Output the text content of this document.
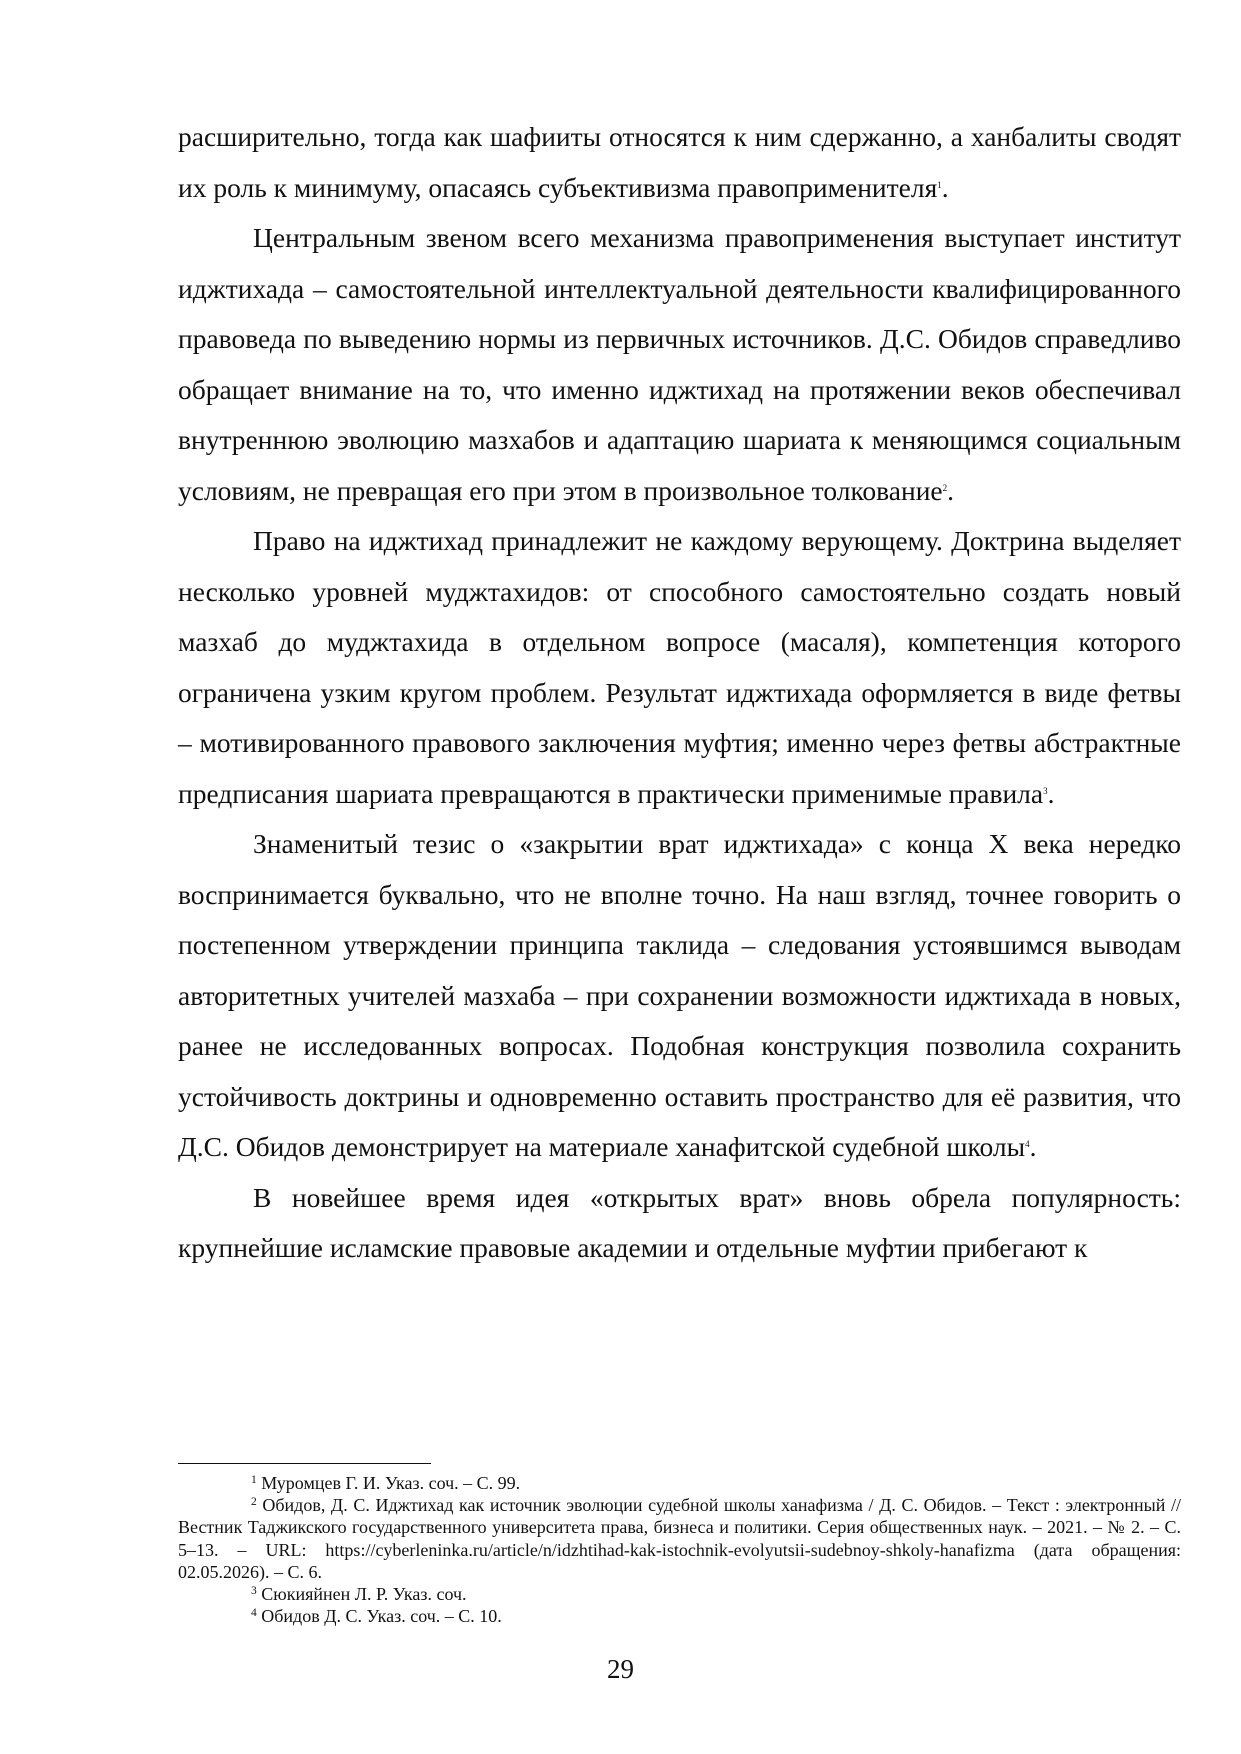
расширительно, тогда как шафииты относятся к ним сдержанно, а ханбалиты сводят их роль к минимуму, опасаясь субъективизма правоприменителя$^1$.

Центральным звеном всего механизма правоприменения выступает институт иджтихада – самостоятельной интеллектуальной деятельности квалифицированного правоведа по выведению нормы из первичных источников. Д.С. Обидов справедливо обращает внимание на то, что именно иджтихад на протяжении веков обеспечивал внутреннюю эволюцию мазхабов и адаптацию шариата к меняющимся социальным условиям, не превращая его при этом в произвольное толкование$^2$.

Право на иджтихад принадлежит не каждому верующему. Доктрина выделяет несколько уровней муджтахидов: от способного самостоятельно создать новый мазхаб до муджтахида в отдельном вопросе (масаля), компетенция которого ограничена узким кругом проблем. Результат иджтихада оформляется в виде фетвы – мотивированного правового заключения муфтия; именно через фетвы абстрактные предписания шариата превращаются в практически применимые правила$^3$.

Знаменитый тезис о «закрытии врат иджтихада» с конца X века нередко воспринимается буквально, что не вполне точно. На наш взгляд, точнее говорить о постепенном утверждении принципа таклида – следования устоявшимся выводам авторитетных учителей мазхаба – при сохранении возможности иджтихада в новых, ранее не исследованных вопросах. Подобная конструкция позволила сохранить устойчивость доктрины и одновременно оставить пространство для её развития, что Д.С. Обидов демонстрирует на материале ханафитской судебной школы$^4$.

В новейшее время идея «открытых врат» вновь обрела популярность: крупнейшие исламские правовые академии и отдельные муфтии прибегают к

$^1$ Муромцев Г. И. Указ. соч. – С. 99.

$^2$ Обидов, Д. С. Иджтихад как источник эволюции судебной школы ханафизма / Д. С. Обидов. – Текст : электронный // Вестник Таджикского государственного университета права, бизнеса и политики. Серия общественных наук. – 2021. – № 2. – С. 5–13. – URL: https://cyberleninka.ru/article/n/idzhtihad-kak-istochnik-evolyutsii-sudebnoy-shkoly-hanafizma (дата обращения: 02.05.2026). – С. 6.

$^3$ Сюкияйнен Л. Р. Указ. соч.

$^4$ Обидов Д. С. Указ. соч. – С. 10.

29
